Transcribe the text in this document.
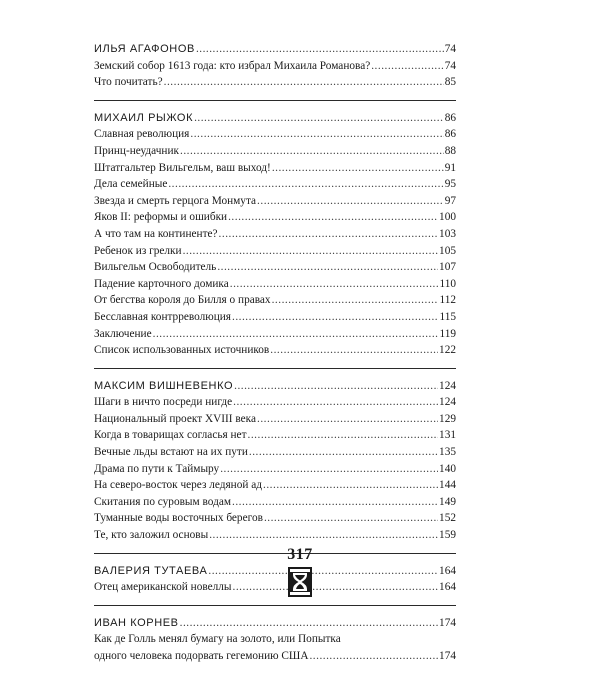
ИЛЬЯ АГАФОНОВ .....	74
Земский собор 1613 года: кто избрал Михаила Романова? .....	74
Что почитать? .....	85
МИХАИЛ РЫЖОК .....	86
Славная революция .....	86
Принц-неудачник .....	88
Штатгальтер Вильгельм, ваш выход! .....	91
Дела семейные .....	95
Звезда и смерть герцога Монмута .....	97
Яков II: реформы и ошибки .....	100
А что там на континенте? .....	103
Ребенок из грелки .....	105
Вильгельм Освободитель .....	107
Падение карточного домика .....	110
От бегства короля до Билля о правах .....	112
Бесславная контрреволюция .....	115
Заключение .....	119
Список использованных источников .....	122
МАКСИМ ВИШНЕВЕНКО .....	124
Шаги в ничто посреди нигде .....	124
Национальный проект XVIII века .....	129
Когда в товарищах согласья нет .....	131
Вечные льды встают на их пути .....	135
Драма по пути к Таймыру .....	140
На северо-восток через ледяной ад .....	144
Скитания по суровым водам .....	149
Туманные воды восточных берегов .....	152
Те, кто заложил основы .....	159
ВАЛЕРИЯ ТУТАЕВА .....	164
Отец американской новеллы .....	164
ИВАН КОРНЕВ .....	174
Как де Голль менял бумагу на золото, или Попытка
одного человека подорвать гегемонию США .....	174
317
